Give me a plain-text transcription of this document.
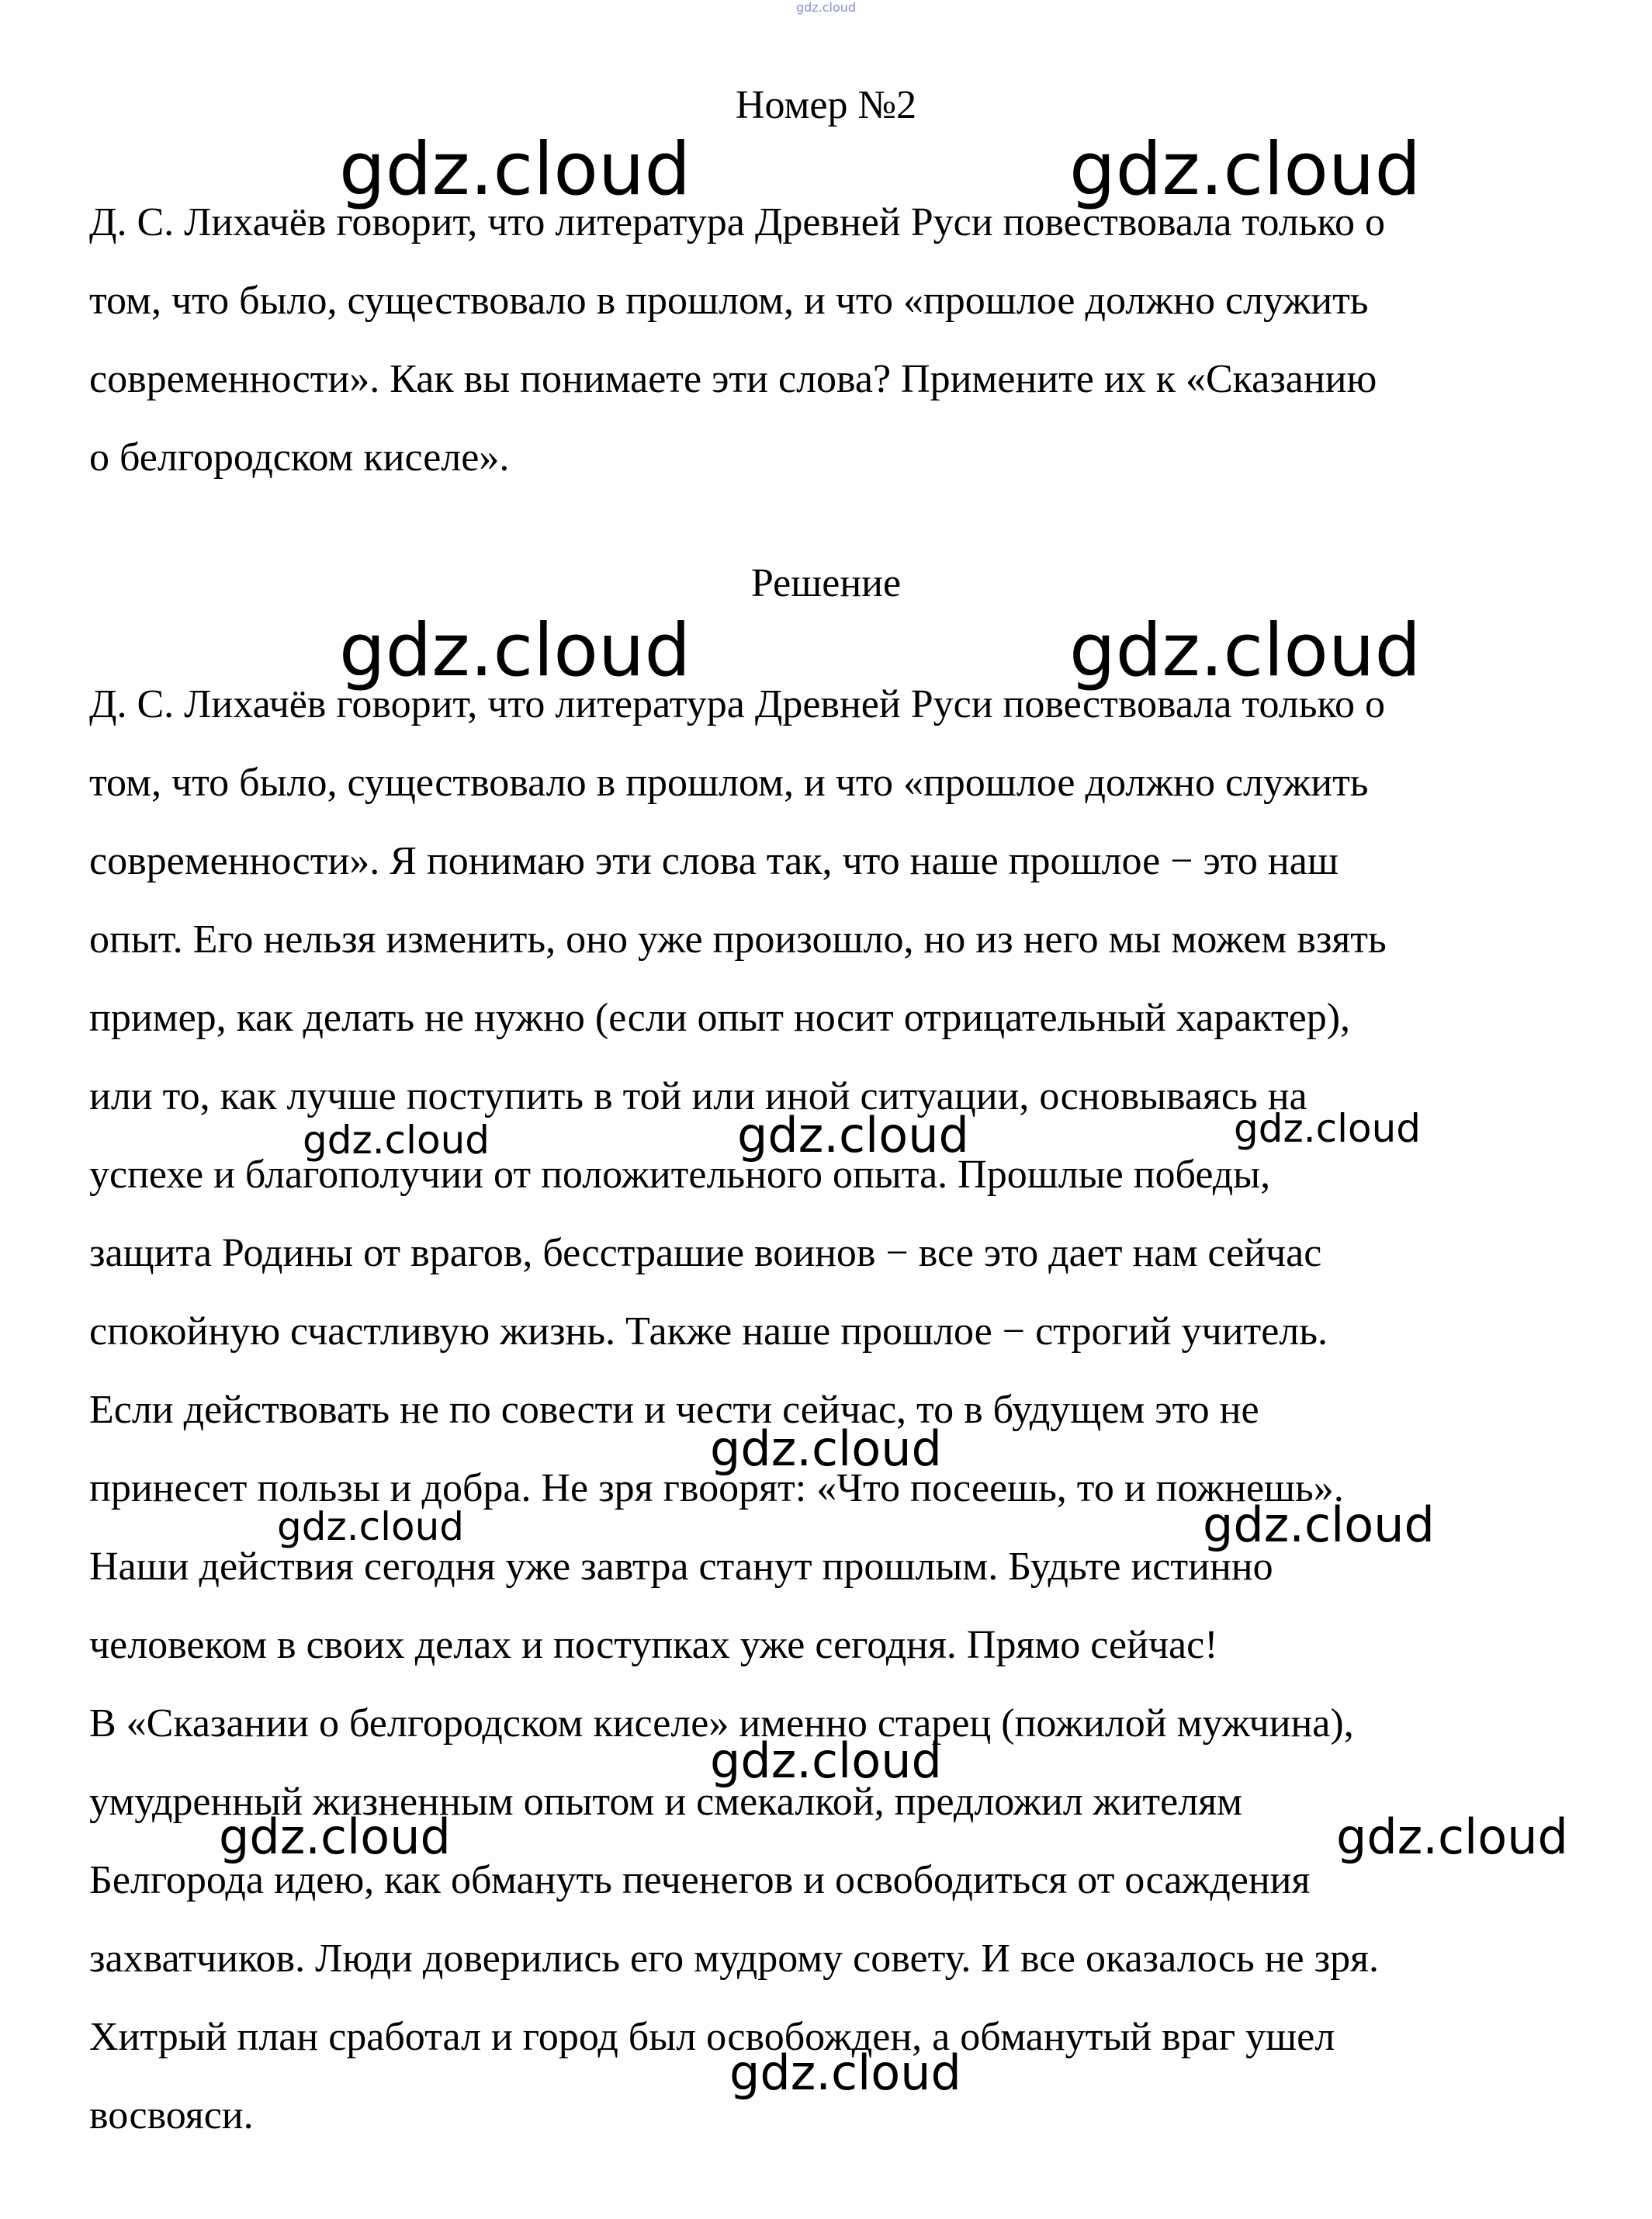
gdz.cloud
Номер №2
Д. С. Лихачёв говорит, что литература Древней Руси повествовала только о
том, что было, существовало в прошлом, и что «прошлое должно служить
современности». Как вы понимаете эти слова? Примените их к «Сказанию
о белгородском киселе».
Решение
Д. С. Лихачёв говорит, что литература Древней Руси повествовала только о
том, что было, существовало в прошлом, и что «прошлое должно служить
современности». Я понимаю эти слова так, что наше прошлое − это наш
опыт. Его нельзя изменить, оно уже произошло, но из него мы можем взять
пример, как делать не нужно (если опыт носит отрицательный характер),
или то, как лучше поступить в той или иной ситуации, основываясь на
успехе и благополучии от положительного опыта. Прошлые победы,
защита Родины от врагов, бесстрашие воинов − все это дает нам сейчас
спокойную счастливую жизнь. Также наше прошлое − строгий учитель.
Если действовать не по совести и чести сейчас, то в будущем это не
принесет пользы и добра. Не зря гвоорят: «Что посеешь, то и пожнешь».
Наши действия сегодня уже завтра станут прошлым. Будьте истинно
человеком в своих делах и поступках уже сегодня. Прямо сейчас!
В «Сказании о белгородском киселе» именно старец (пожилой мужчина),
умудренный жизненным опытом и смекалкой, предложил жителям
Белгорода идею, как обмануть печенегов и освободиться от осаждения
захватчиков. Люди доверились его мудрому совету. И все оказалось не зря.
Хитрый план сработал и город был освобожден, а обманутый враг ушел
восвояси.
gdz.cloud	gdz.cloud
gdz.cloud	gdz.cloud
gdz.cloud	gdz.cloud	gdz.cloud
gdz.cloud
gdz.cloud	gdz.cloud
gdz.cloud
gdz.cloud	gdz.cloud
gdz.cloud
